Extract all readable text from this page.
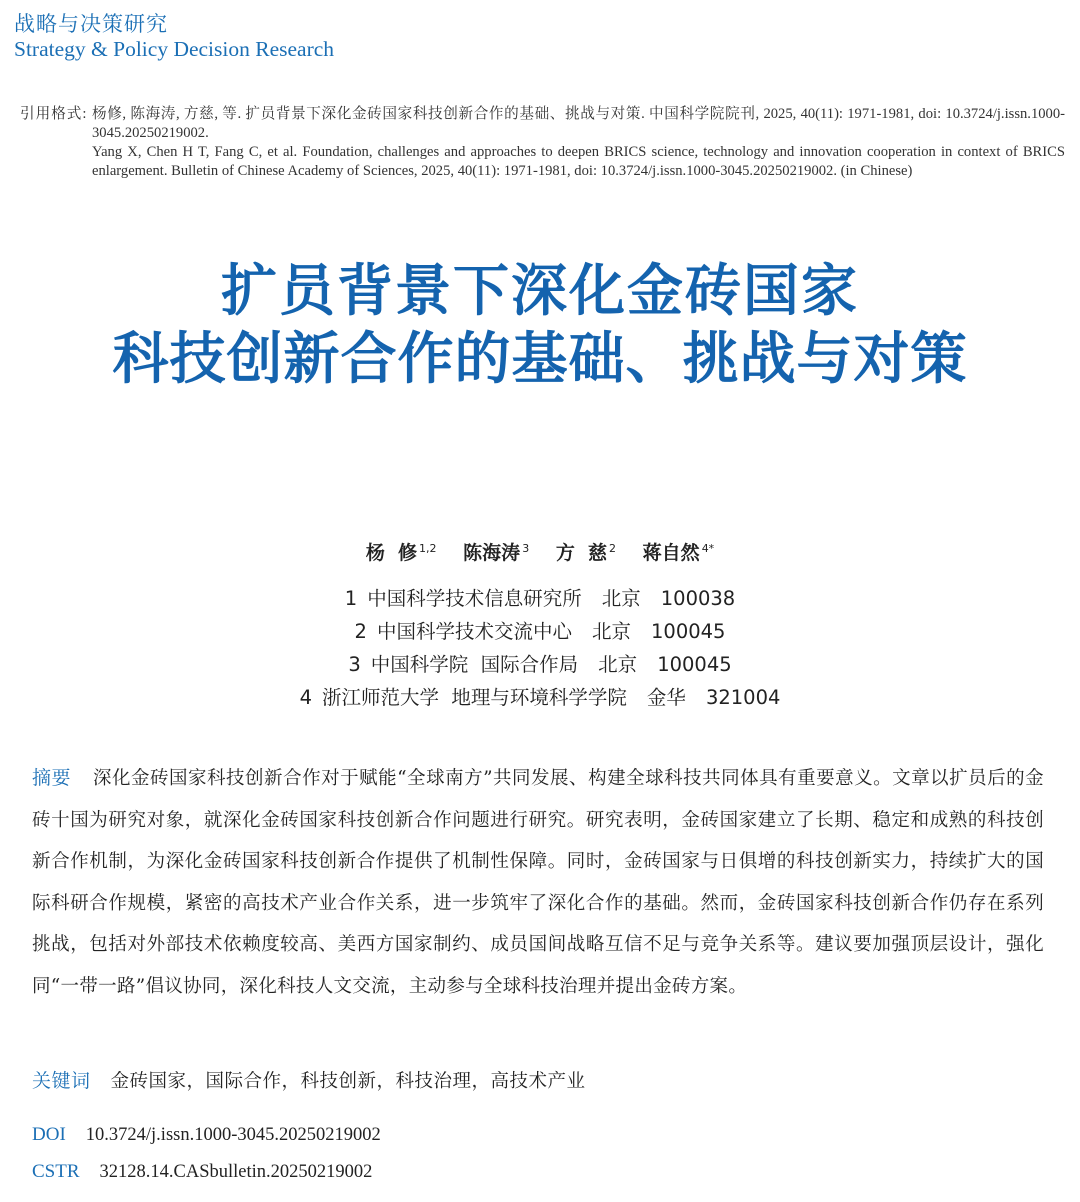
战略与决策研究
Strategy & Policy Decision Research
引用格式: 杨修, 陈海涛, 方慈, 等. 扩员背景下深化金砖国家科技创新合作的基础、挑战与对策. 中国科学院院刊, 2025, 40(11): 1971-1981, doi: 10.3724/j.issn.1000-3045.20250219002.
Yang X, Chen H T, Fang C, et al. Foundation, challenges and approaches to deepen BRICS science, technology and innovation cooperation in context of BRICS enlargement. Bulletin of Chinese Academy of Sciences, 2025, 40(11): 1971-1981, doi: 10.3724/j.issn.1000-3045.20250219002. (in Chinese)
扩员背景下深化金砖国家
科技创新合作的基础、挑战与对策
杨  修 $^{1,2}$ 陈海涛 $^3$ 方  慈 $^2$ 蒋自然 $^{4*}$
1 中国科学技术信息研究所 北京 100038
2 中国科学技术交流中心 北京 100045
3 中国科学院  国际合作局 北京 100045
4 浙江师范大学  地理与环境科学学院 金华 321004
摘要 深化金砖国家科技创新合作对于赋能“全球南方”共同发展、构建全球科技共同体具有重要意义。文章以扩员后的金砖十国为研究对象，就深化金砖国家科技创新合作问题进行研究。研究表明，金砖国家建立了长期、稳定和成熟的科技创新合作机制，为深化金砖国家科技创新合作提供了机制性保障。同时，金砖国家与日俱增的科技创新实力，持续扩大的国际科研合作规模，紧密的高技术产业合作关系，进一步筑牢了深化合作的基础。然而，金砖国家科技创新合作仍存在系列挑战，包括对外部技术依赖度较高、美西方国家制约、成员国间战略互信不足与竞争关系等。建议要加强顶层设计，强化同“一带一路”倡议协同，深化科技人文交流，主动参与全球科技治理并提出金砖方案。
关键词 金砖国家，国际合作，科技创新，科技治理，高技术产业
DOI 10.3724/j.issn.1000-3045.20250219002
CSTR 32128.14.CASbulletin.20250219002
